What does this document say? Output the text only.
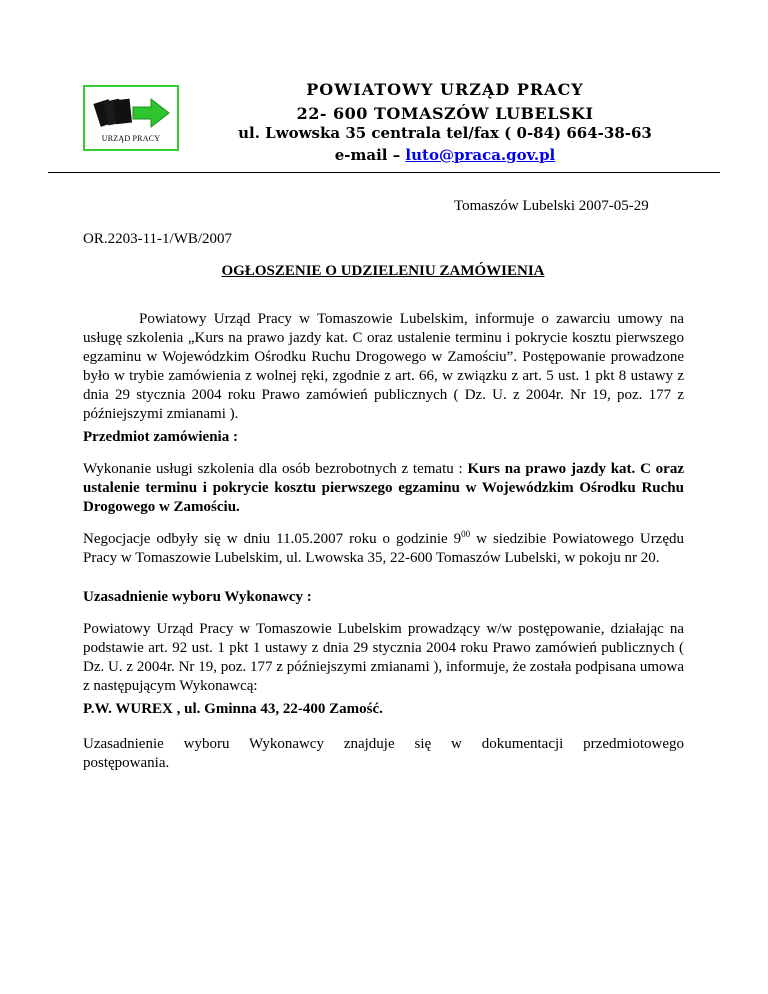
URZĄD PRACY
POWIATOWY URZĄD PRACY
22- 600 TOMASZÓW LUBELSKI
ul. Lwowska 35 centrala tel/fax ( 0-84) 664-38-63
e-mail – luto@praca.gov.pl
Tomaszów Lubelski 2007-05-29
OR.2203-11-1/WB/2007
OGŁOSZENIE O UDZIELENIU ZAMÓWIENIA
Powiatowy Urząd Pracy w Tomaszowie Lubelskim, informuje o zawarciu umowy na usługę szkolenia „Kurs na prawo jazdy kat. C oraz ustalenie terminu i pokrycie kosztu pierwszego egzaminu w Wojewódzkim Ośrodku Ruchu Drogowego w Zamościu”. Postępowanie prowadzone było w trybie zamówienia z wolnej ręki, zgodnie z art. 66, w związku z art. 5 ust. 1 pkt 8 ustawy z dnia 29 stycznia 2004 roku Prawo zamówień publicznych ( Dz. U. z 2004r. Nr 19, poz. 177 z późniejszymi zmianami ).
Przedmiot zamówienia :
Wykonanie usługi szkolenia dla osób bezrobotnych z tematu : Kurs na prawo jazdy kat. C oraz ustalenie terminu i pokrycie kosztu pierwszego egzaminu w Wojewódzkim Ośrodku Ruchu Drogowego w Zamościu.
Negocjacje odbyły się w dniu 11.05.2007 roku o godzinie $9^{00}$ w siedzibie Powiatowego Urzędu Pracy w Tomaszowie Lubelskim, ul. Lwowska 35, 22-600 Tomaszów Lubelski, w pokoju nr 20.
Uzasadnienie wyboru Wykonawcy :
Powiatowy Urząd Pracy w Tomaszowie Lubelskim prowadzący w/w postępowanie, działając na podstawie art. 92 ust. 1 pkt 1 ustawy z dnia 29 stycznia 2004 roku Prawo zamówień publicznych ( Dz. U. z 2004r. Nr 19, poz. 177 z późniejszymi zmianami ), informuje, że została podpisana umowa z następującym Wykonawcą:
P.W. WUREX , ul. Gminna 43, 22-400 Zamość.
Uzasadnienie wyboru Wykonawcy znajduje się w dokumentacji przedmiotowego
postępowania.
